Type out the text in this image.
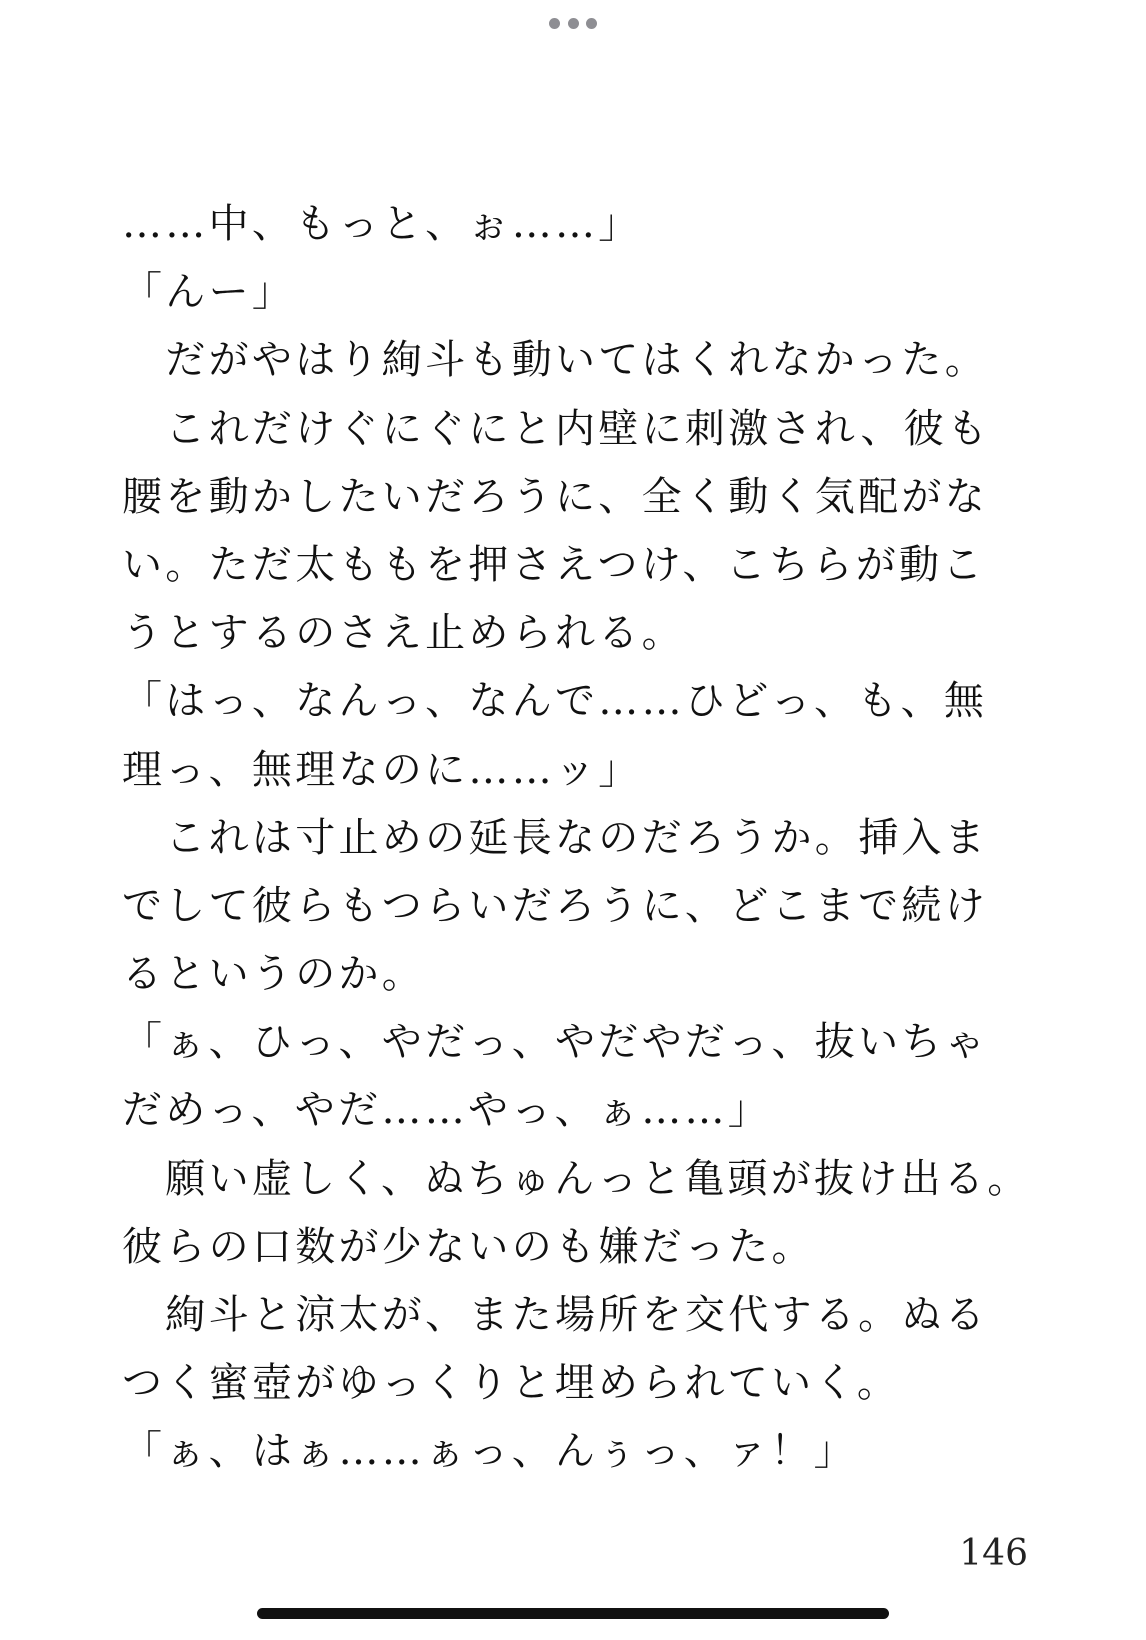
……中、もっと、ぉ……」
「んー」
　だがやはり絢斗も動いてはくれなかった。
　これだけぐにぐにと内壁に刺激され、彼も
腰を動かしたいだろうに、全く動く気配がな
い。ただ太ももを押さえつけ、こちらが動こ
うとするのさえ止められる。
「はっ、なんっ、なんで……ひどっ、も、無
理っ、無理なのに……ッ」
　これは寸止めの延長なのだろうか。挿入ま
でして彼らもつらいだろうに、どこまで続け
るというのか。
「ぁ、ひっ、やだっ、やだやだっ、抜いちゃ
だめっ、やだ……やっ、ぁ……」
　願い虚しく、ぬちゅんっと亀頭が抜け出る。
彼らの口数が少ないのも嫌だった。
　絢斗と涼太が、また場所を交代する。ぬる
つく蜜壺がゆっくりと埋められていく。
「ぁ、はぁ……ぁっ、んぅっ、ァ！」
146
